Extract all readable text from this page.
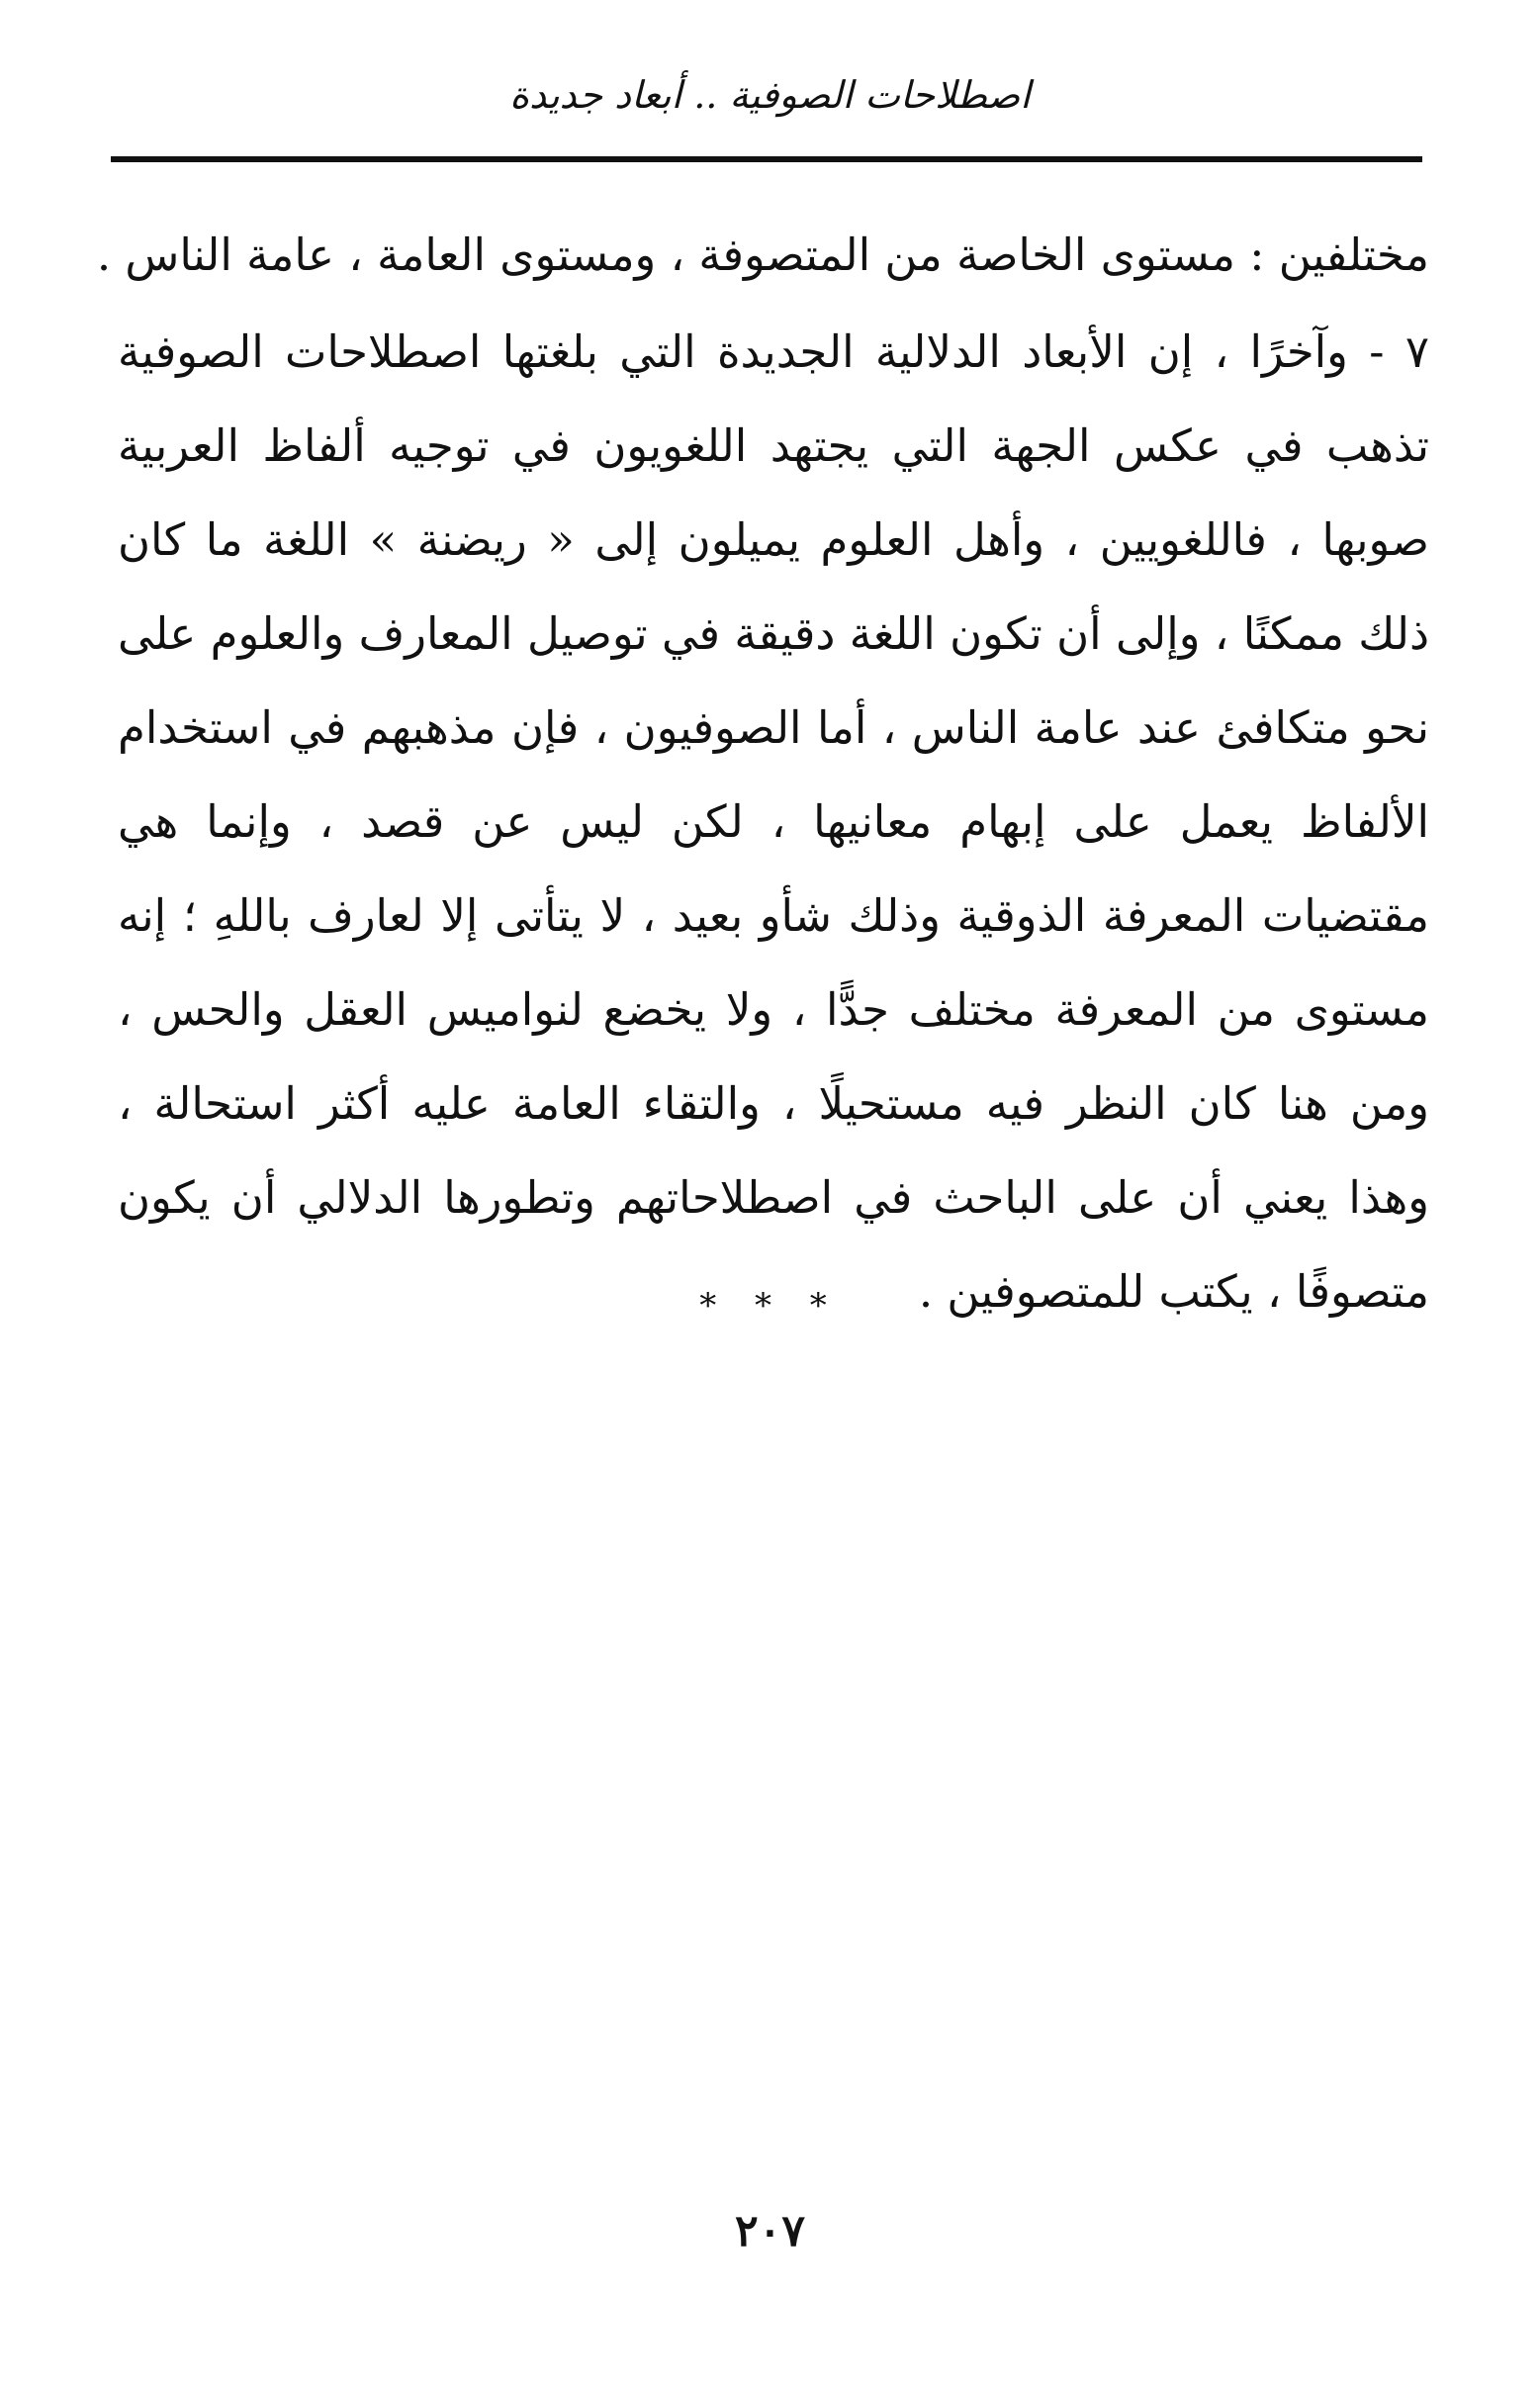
اصطلاحات الصوفية .. أبعاد جديدة

مختلفين : مستوى الخاصة من المتصوفة ، ومستوى العامة ، عامة الناس .

٧ - وآخرًا ، إن الأبعاد الدلالية الجديدة التي بلغتها اصطلاحات الصوفية تذهب في عكس الجهة التي يجتهد اللغويون في توجيه ألفاظ العربية صوبها ، فاللغويين ، وأهل العلوم يميلون إلى « ريضنة » اللغة ما كان ذلك ممكنًا ، وإلى أن تكون اللغة دقيقة في توصيل المعارف والعلوم على نحو متكافئ عند عامة الناس ، أما الصوفيون ، فإن مذهبهم في استخدام الألفاظ يعمل على إبهام معانيها ، لكن ليس عن قصد ، وإنما هي مقتضيات المعرفة الذوقية وذلك شأو بعيد ، لا يتأتى إلا لعارف باللهِ ؛ إنه مستوى من المعرفة مختلف جدًّا ، ولا يخضع لنواميس العقل والحس ، ومن هنا كان النظر فيه مستحيلًا ، والتقاء العامة عليه أكثر استحالة ، وهذا يعني أن على الباحث في اصطلاحاتهم وتطورها الدلالي أن يكون متصوفًا ، يكتب للمتصوفين .

* * *
٢٠٧
